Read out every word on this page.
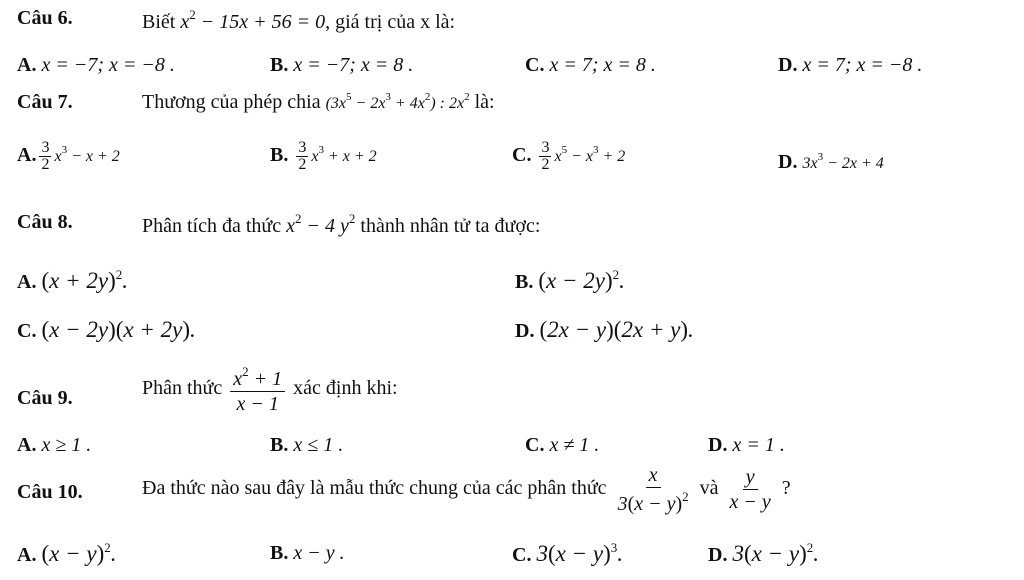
Câu 6.	Biết $x^2 - 15x + 56 = 0$, giá trị của x là:
A. x = −7; x = −8 .	B. x = −7; x = 8 .	C. x = 7; x = 8 .	D. x = 7; x = −8 .
Câu 7.	Thương của phép chia $(3x^5 - 2x^3 + 4x^2)$ : $2x^2$ là:
A. $\frac{3}{2} x^3 - x + 2$	B. $\frac{3}{2} x^3 + x + 2$	C. $\frac{3}{2} x^5 - x^3 + 2$	D. $3x^3 - 2x + 4$
Câu 8.	Phân tích đa thức $x^2 - 4$ $y^2$ thành nhân tử ta được:
A. $(x + 2y)^2$.	B. $(x - 2y)^2$.
C. (x − 2y)(x + 2y).	D. (2x − y)(2x + y).
Câu 9.	Phân thức $\frac{x^2 + 1}{x - 1}$ xác định khi:
A. x ≥ 1 .	B. x ≤ 1 .	C. x ≠ 1 .	D. x = 1 .
Câu 10.	Đa thức nào sau đây là mẫu thức chung của các phân thức $\frac{x}{3(x - y)^2}$ và $\frac{y}{x - y}$ ?
A. $(x - y)^2$.	B. x − y .	C. $3(x - y)^3$.	D. $3(x - y)^2$.
